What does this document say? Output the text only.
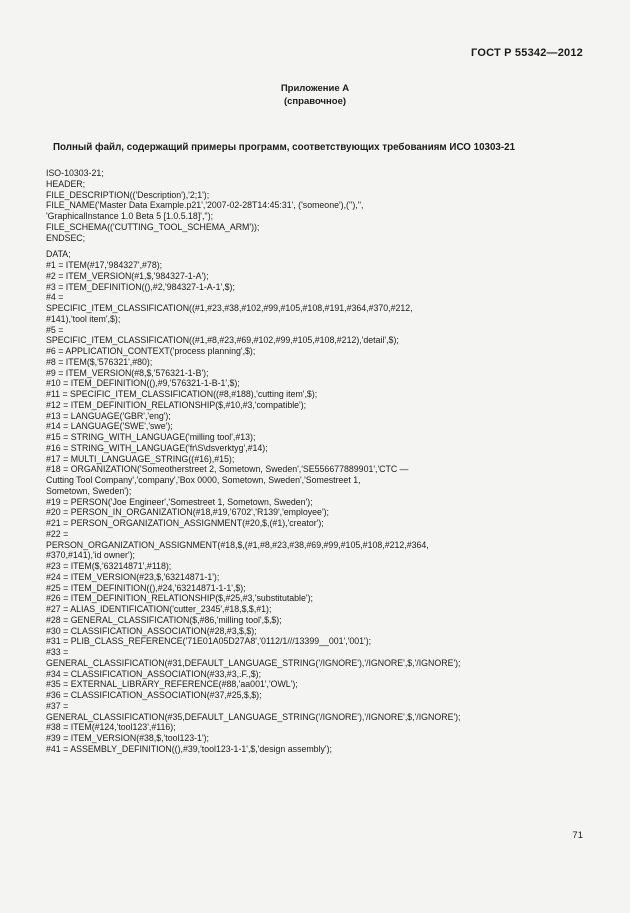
ГОСТ Р 55342—2012
Приложение А
(справочное)
Полный файл, содержащий примеры программ, соответствующих требованиям ИСО 10303-21
ISO-10303-21;
HEADER;
FILE_DESCRIPTION(('Description'),'2;1');
FILE_NAME('Master Data Example.p21','2007-02-28T14:45:31', ('someone'),(''),'',
'GraphicalInstance 1.0 Beta 5 [1.0.5.18]','');
FILE_SCHEMA(('CUTTING_TOOL_SCHEMA_ARM'));
ENDSEC;
DATA;
#1 = ITEM(#17,'984327',#78);
#2 = ITEM_VERSION(#1,$,'984327-1-A');
#3 = ITEM_DEFINITION((),#2,'984327-1-A-1',$);
#4 =
SPECIFIC_ITEM_CLASSIFICATION((#1,#23,#38,#102,#99,#105,#108,#191,#364,#370,#212,
#141),'tool item',$);
#5 =
SPECIFIC_ITEM_CLASSIFICATION((#1,#8,#23,#69,#102,#99,#105,#108,#212),'detail',$);
#6 = APPLICATION_CONTEXT('process planning',$);
#8 = ITEM($,'576321',#80);
#9 = ITEM_VERSION(#8,$,'576321-1-B');
#10 = ITEM_DEFINITION((),#9,'576321-1-B-1',$);
#11 = SPECIFIC_ITEM_CLASSIFICATION((#8,#188),'cutting item',$);
#12 = ITEM_DEFINITION_RELATIONSHIP($,#10,#3,'compatible');
#13 = LANGUAGE('GBR','eng');
#14 = LANGUAGE('SWE','swe');
#15 = STRING_WITH_LANGUAGE('milling tool',#13);
#16 = STRING_WITH_LANGUAGE('fr\S\dsverktyg',#14);
#17 = MULTI_LANGUAGE_STRING((#16),#15);
#18 = ORGANIZATION('Someotherstreet 2, Sometown, Sweden','SE556677889901','CTC —
Cutting Tool Company','company','Box 0000, Sometown, Sweden','Somestreet 1,
Sometown, Sweden');
#19 = PERSON('Joe Engineer','Somestreet 1, Sometown, Sweden');
#20 = PERSON_IN_ORGANIZATION(#18,#19,'6702','R139','employee');
#21 = PERSON_ORGANIZATION_ASSIGNMENT(#20,$,(#1),'creator');
#22 =
PERSON_ORGANIZATION_ASSIGNMENT(#18,$,(#1,#8,#23,#38,#69,#99,#105,#108,#212,#364,
#370,#141),'id owner');
#23 = ITEM($,'63214871',#118);
#24 = ITEM_VERSION(#23,$,'63214871-1');
#25 = ITEM_DEFINITION((),#24,'63214871-1-1',$);
#26 = ITEM_DEFINITION_RELATIONSHIP($,#25,#3,'substitutable');
#27 = ALIAS_IDENTIFICATION('cutter_2345',#18,$,$,#1);
#28 = GENERAL_CLASSIFICATION($,#86,'milling tool',$,$);
#30 = CLASSIFICATION_ASSOCIATION(#28,#3,$,$);
#31 = PLIB_CLASS_REFERENCE('71E01A05D27A8','0112/1///13399__001','001');
#33 =
GENERAL_CLASSIFICATION(#31,DEFAULT_LANGUAGE_STRING('/IGNORE'),'/IGNORE',$,'/IGNORE');
#34 = CLASSIFICATION_ASSOCIATION(#33,#3,.F.,$);
#35 = EXTERNAL_LIBRARY_REFERENCE(#88,'aa001','OWL');
#36 = CLASSIFICATION_ASSOCIATION(#37,#25,$,$);
#37 =
GENERAL_CLASSIFICATION(#35,DEFAULT_LANGUAGE_STRING('/IGNORE'),'/IGNORE',$,'/IGNORE');
#38 = ITEM(#124,'tool123',#116);
#39 = ITEM_VERSION(#38,$,'tool123-1');
#41 = ASSEMBLY_DEFINITION((),#39,'tool123-1-1',$,'design assembly');
71
